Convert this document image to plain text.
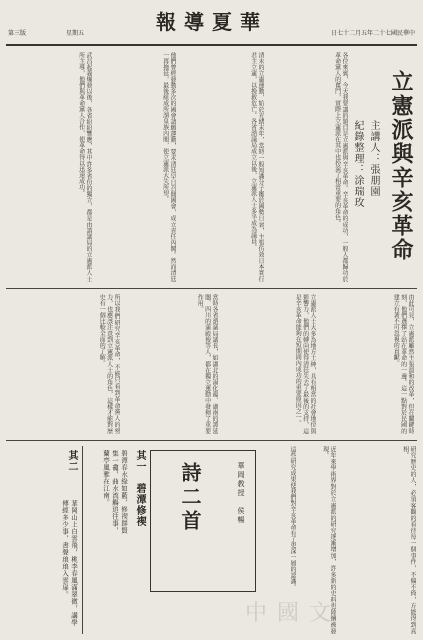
第三版	星期五	報導夏華	日七十二月五年二十七國民華中
立憲派與辛亥革命
主講人：張朋園
紀錄整理：涂瑞玫
各位來賓，今天我要講的題目是立憲派與辛亥革命。辛亥革命的成功，一般人都歸功於革命黨人的奮鬥，實際上立憲派在其中也扮演了相當重要的角色。
清末的立憲運動，始於光緒末年，當時一般知識分子鑑於國勢日衰，主張仿效日本實行君主立憲，以挽救危亡。各省諮議局成立以後，立憲派人士多半成為議員。
他們曾經發動多次的國會請願運動，要求清廷早日召開國會，成立責任內閣。然而清廷一再拖延，最後組成所謂皇族內閣，使立憲派大失所望。
武昌起義爆發以後，各省紛紛響應，其中許多省份的獨立，都是由諮議局的立憲派人士所主導，他們與革命黨人合作，使革命得以迅速成功。
由此可見，立憲派雖然主張溫和的改革，但在關鍵時刻，他們選擇了站在革命的一邊。這一點對於民國的建立有著不可忽視的貢獻。
立憲派人士大多為地方士紳，具有相當的社會地位與影響力，他們的轉向使得清廷失去了最後的支持，這是辛亥革命能夠在短期間內成功的重要原因之一。
當時各省諮議局議長，如湖北的湯化龍、湖南的譚延闓、四川的蒲殿俊等人，都在獨立運動中發揮了重要作用。
所以我們研究辛亥革命，不能只看到革命黨人的努力，也應該注意到立憲派人士的角色，這樣才能對歷史有一個比較全面的了解。
研究歷史的人，必須客觀的看待每一個事件，不偏不倚，方能得到真相。
近年來學術界對於立憲派的研究逐漸增加，許多新的史料也陸續被發現。
這些研究成果使我們對辛亥革命有了更深一層的認識。
詩二首	華岡教授　侯暢
其一　碧潭修禊
碧潭春水綠如藍，修禊群賢集一龕，曲水流觴追往事，蘭亭風雅在江南。
其二
華岡山上白雲飛，桃李春風滿翠微，講學傳經多少事，書聲琅琅入雲扉。
中國文
